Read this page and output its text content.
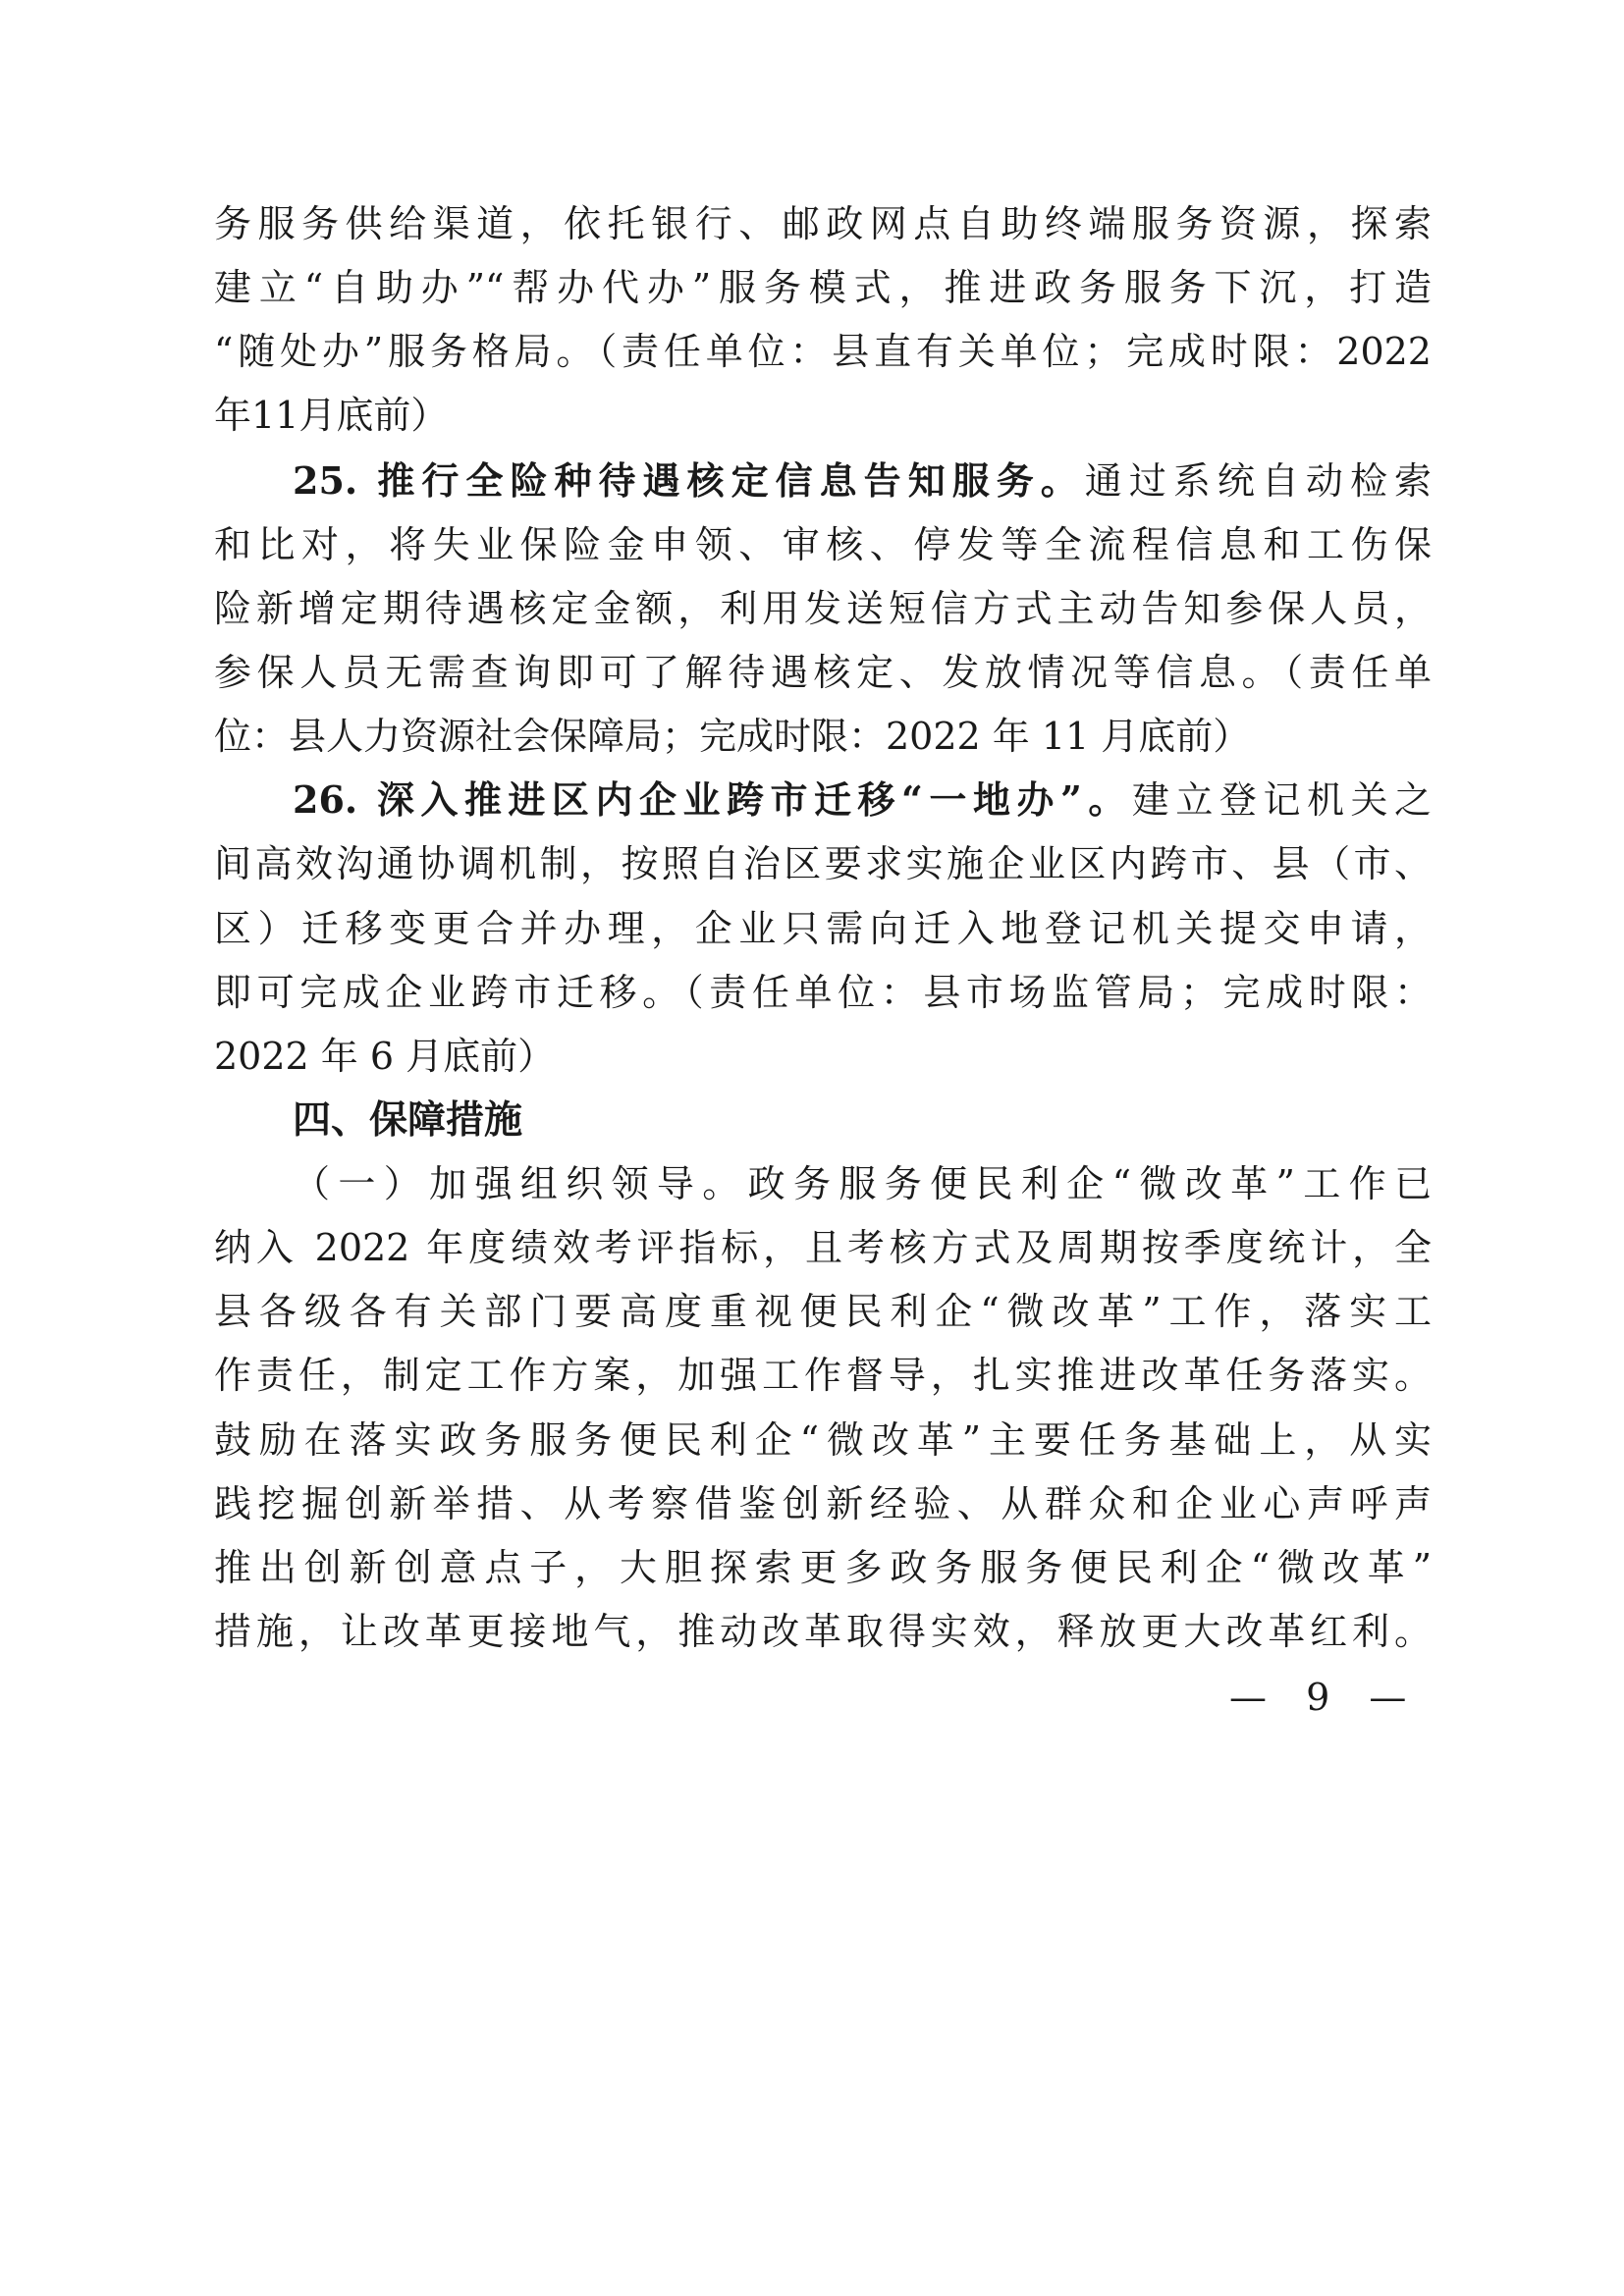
务服务供给渠道，依托银行、邮政网点自助终端服务资源，探索
建立“自助办”“帮办代办”服务模式，推进政务服务下沉，打造
“随处办”服务格局。（责任单位：县直有关单位；完成时限：2022
年11月底前）
25. 推行全险种待遇核定信息告知服务。通过系统自动检索
和比对，将失业保险金申领、审核、停发等全流程信息和工伤保
险新增定期待遇核定金额，利用发送短信方式主动告知参保人员，
参保人员无需查询即可了解待遇核定、发放情况等信息。（责任单
位：县人力资源社会保障局；完成时限：2022 年 11 月底前）
26. 深入推进区内企业跨市迁移“一地办”。建立登记机关之
间高效沟通协调机制，按照自治区要求实施企业区内跨市、县（市、
区）迁移变更合并办理，企业只需向迁入地登记机关提交申请，
即可完成企业跨市迁移。（责任单位：县市场监管局；完成时限：
2022 年 6 月底前）
四、保障措施
（一）加强组织领导。政务服务便民利企“微改革”工作已
纳入 2022 年度绩效考评指标，且考核方式及周期按季度统计，全
县各级各有关部门要高度重视便民利企“微改革”工作，落实工
作责任，制定工作方案，加强工作督导，扎实推进改革任务落实。
鼓励在落实政务服务便民利企“微改革”主要任务基础上，从实
践挖掘创新举措、从考察借鉴创新经验、从群众和企业心声呼声
推出创新创意点子，大胆探索更多政务服务便民利企“微改革”
措施，让改革更接地气，推动改革取得实效，释放更大改革红利。
— 9 —
